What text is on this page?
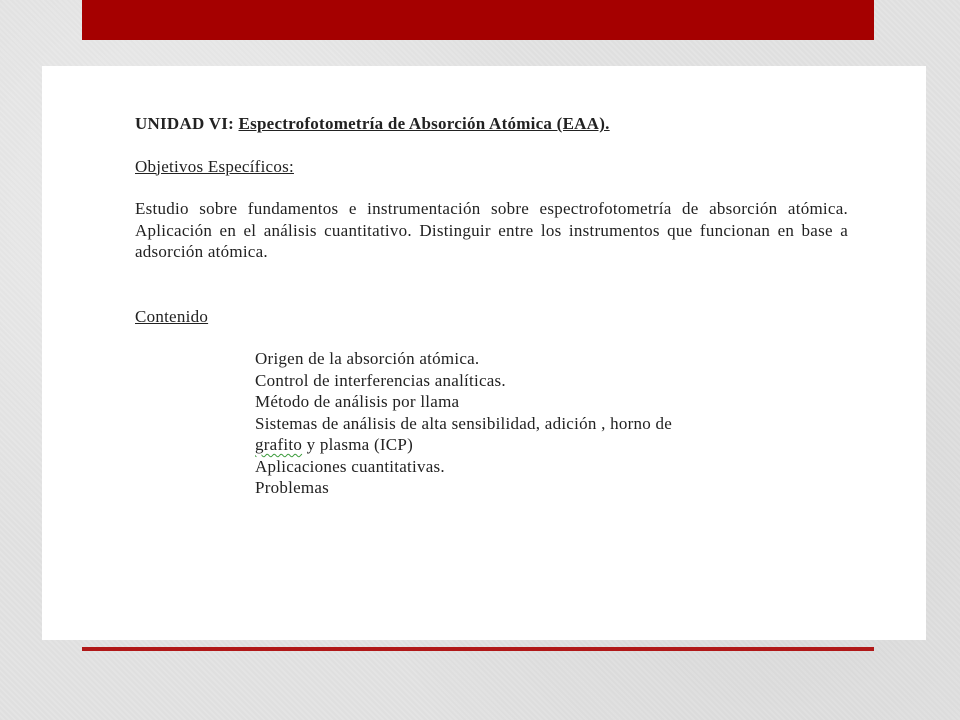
UNIDAD VI: Espectrofotometría de Absorción Atómica (EAA).

Objetivos Específicos:

Estudio sobre fundamentos e instrumentación sobre espectrofotometría de absorción atómica. Aplicación en el análisis cuantitativo. Distinguir entre los instrumentos que funcionan en base a adsorción atómica.

Contenido

Origen de la absorción atómica.
Control de interferencias analíticas.
Método de análisis por llama
Sistemas de análisis de alta sensibilidad, adición , horno de
grafito y plasma (ICP)
Aplicaciones cuantitativas.
Problemas
